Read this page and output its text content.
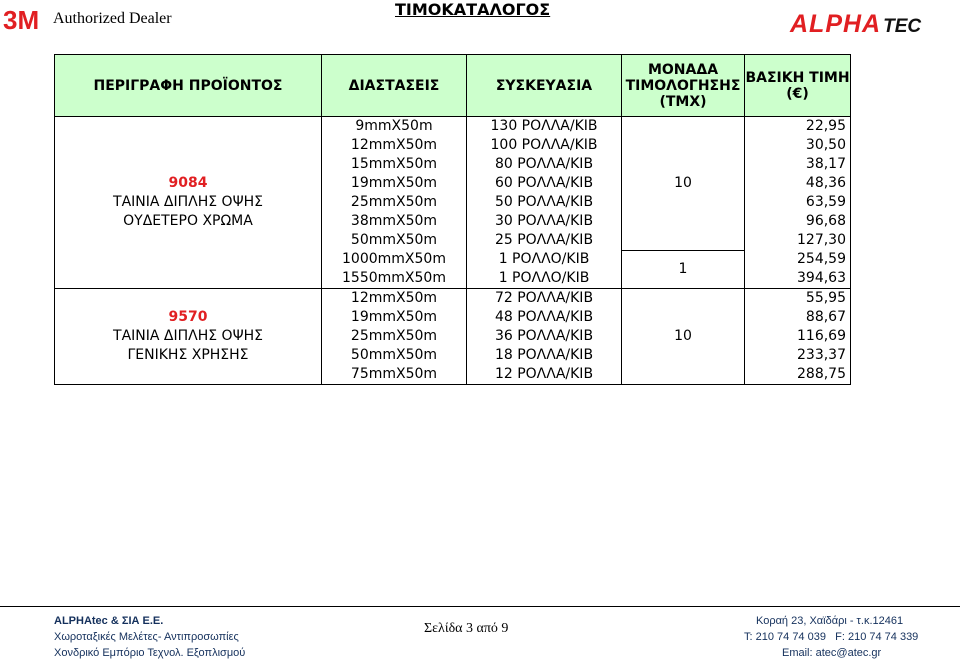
3M Authorized Dealer	ΤΙΜΟΚΑΤΑΛΟΓΟΣ
ALPHA TEC
ΠΕΡΙΓΡΑΦΗ ΠΡΟΪΟΝΤΟΣ	ΔΙΑΣΤΑΣΕΙΣ	ΣΥΣΚΕΥΑΣΙΑ	ΜΟΝΑΔΑ ΤΙΜΟΛΟΓΗΣΗΣ (ΤΜΧ)	ΒΑΣΙΚΗ ΤΙΜΗ (€)

9084
ΤΑΙΝΙΑ ΔΙΠΛΗΣ ΟΨΗΣ
ΟΥΔΕΤΕΡΟ ΧΡΩΜΑ	9mmX50m	130 ΡΟΛΛΑ/ΚΙΒ	10	22,95
	12mmX50m	100 ΡΟΛΛΑ/ΚΙΒ		30,50
	15mmX50m	80 ΡΟΛΛΑ/ΚΙΒ		38,17
	19mmX50m	60 ΡΟΛΛΑ/ΚΙΒ		48,36
	25mmX50m	50 ΡΟΛΛΑ/ΚΙΒ		63,59
	38mmX50m	30 ΡΟΛΛΑ/ΚΙΒ		96,68
	50mmX50m	25 ΡΟΛΛΑ/ΚΙΒ		127,30
	1000mmX50m	1 ΡΟΛΛΟ/ΚΙΒ	1	254,59
	1550mmX50m	1 ΡΟΛΛΟ/ΚΙΒ		394,63

9570
ΤΑΙΝΙΑ ΔΙΠΛΗΣ ΟΨΗΣ
ΓΕΝΙΚΗΣ ΧΡΗΣΗΣ	12mmX50m	72 ΡΟΛΛΑ/ΚΙΒ	10	55,95
	19mmX50m	48 ΡΟΛΛΑ/ΚΙΒ		88,67
	25mmX50m	36 ΡΟΛΛΑ/ΚΙΒ		116,69
	50mmX50m	18 ΡΟΛΛΑ/ΚΙΒ		233,37
	75mmX50m	12 ΡΟΛΛΑ/ΚΙΒ		288,75
ALPHAtec & ΣΙΑ Ε.Ε.
Χωροταξικές Μελέτες- Αντιπροσωπίες
Χονδρικό Εμπόριο Τεχνολ. Εξοπλισμού
Σελίδα 3 από 9	Κοραή 23, Χαϊδάρι - τ.κ.12461
T: 210 74 74 039   F: 210 74 74 339
Email: atec@atec.gr
